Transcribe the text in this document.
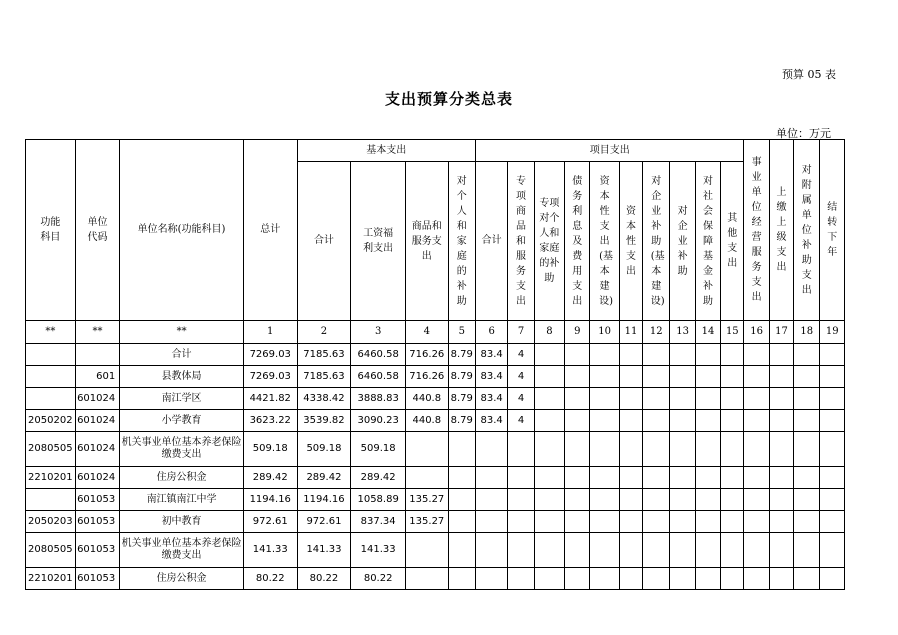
预算 05 表
支出预算分类总表
单位：万元
功能科目	单位代码	单位名称(功能科目)	总计	基本支出				项目支出										事业单位经营服务支出	上缴上级支出	对附属单位补助支出	结转下年
				合计	工资福利支出	商品和服务支出	对个人和家庭的补助	合计	专项商品和服务支出	专项对个人和家庭的补助	债务利息及费用支出	资本性支出(基本建设)	资本性支出	对企业补助(基本建设)	对企业补助	对社会保障基金补助	其他支出				
**	**	**	1	2	3	4	5	6	7	8	9	10	11	12	13	14	15	16	17	18	19
		合计	7269.03	7185.63	6460.58	716.26	8.79	83.4	4												
	601	县教体局	7269.03	7185.63	6460.58	716.26	8.79	83.4	4												
	601024	南江学区	4421.82	4338.42	3888.83	440.8	8.79	83.4	4												
2050202	601024	小学教育	3623.22	3539.82	3090.23	440.8	8.79	83.4	4												
2080505	601024	机关事业单位基本养老保险缴费支出	509.18	509.18	509.18																
2210201	601024	住房公积金	289.42	289.42	289.42																
	601053	南江镇南江中学	1194.16	1194.16	1058.89	135.27															
2050203	601053	初中教育	972.61	972.61	837.34	135.27															
2080505	601053	机关事业单位基本养老保险缴费支出	141.33	141.33	141.33																
2210201	601053	住房公积金	80.22	80.22	80.22																
